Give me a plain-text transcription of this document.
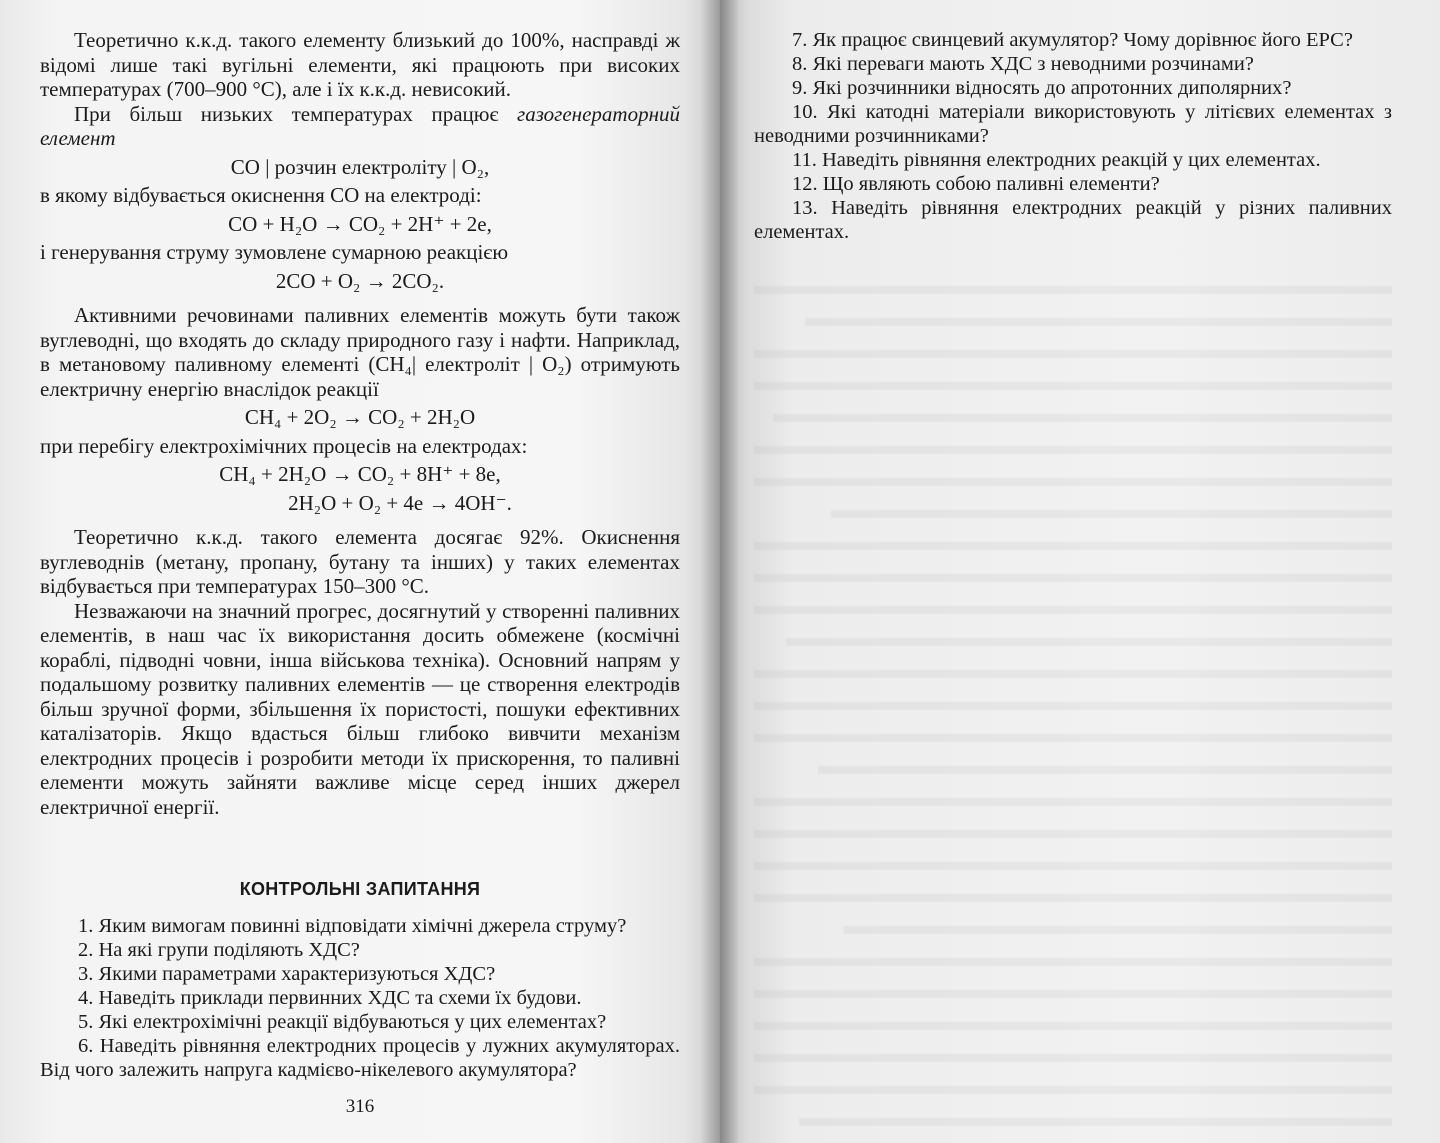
Теоретично к.к.д. такого елементу близький до 100%, насправді ж відомі лише такі вугільні елементи, які працюють при високих температурах (700–900 °С), але і їх к.к.д. невисокий.

При більш низьких температурах працює газогенераторний елемент

CO | розчин електроліту | O₂,

в якому відбувається окиснення CO на електроді:

CO + H₂O → CO₂ + 2H⁺ + 2e,

і генерування струму зумовлене сумарною реакцією

2CO + O₂ → 2CO₂.

Активними речовинами паливних елементів можуть бути також вуглеводні, що входять до складу природного газу і нафти. Наприклад, в метановому паливному елементі (CH₄| електроліт | O₂) отримують електричну енергію внаслідок реакції

CH₄ + 2O₂ → CO₂ + 2H₂O

при перебігу електрохімічних процесів на електродах:

CH₄ + 2H₂O → CO₂ + 8H⁺ + 8e,
2H₂O + O₂ + 4e → 4OH⁻.

Теоретично к.к.д. такого елемента досягає 92%. Окиснення вуглеводнів (метану, пропану, бутану та інших) у таких елементах відбувається при температурах 150–300 °С.

Незважаючи на значний прогрес, досягнутий у створенні паливних елементів, в наш час їх використання досить обмежене (космічні кораблі, підводні човни, інша військова техніка). Основний напрям у подальшому розвитку паливних елементів — це створення електродів більш зручної форми, збільшення їх пористості, пошуки ефективних каталізаторів. Якщо вдасться більш глибоко вивчити механізм електродних процесів і розробити методи їх прискорення, то паливні елементи можуть зайняти важливе місце серед інших джерел електричної енергії.

КОНТРОЛЬНІ ЗАПИТАННЯ

1. Яким вимогам повинні відповідати хімічні джерела струму?

2. На які групи поділяють ХДС?

3. Якими параметрами характеризуються ХДС?

4. Наведіть приклади первинних ХДС та схеми їх будови.

5. Які електрохімічні реакції відбуваються у цих елементах?

6. Наведіть рівняння електродних процесів у лужних акумуляторах. Від чого залежить напруга кадмієво-нікелевого акумулятора?

316

7. Як працює свинцевий акумулятор? Чому дорівнює його ЕРС?

8. Які переваги мають ХДС з неводними розчинами?

9. Які розчинники відносять до апротонних диполярних?

10. Які катодні матеріали використовують у літієвих елементах з неводними розчинниками?

11. Наведіть рівняння електродних реакцій у цих елементах.

12. Що являють собою паливні елементи?

13. Наведіть рівняння електродних реакцій у різних паливних елементах.
